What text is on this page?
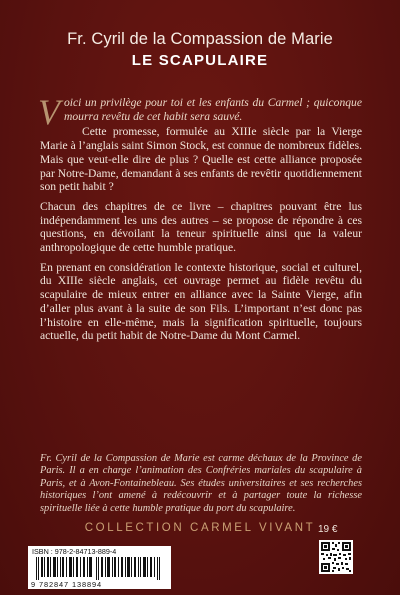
Fr. Cyril de la Compassion de Marie
LE SCAPULAIRE

Voici un privilège pour toi et les enfants du Carmel ; quiconque mourra revêtu de cet habit sera sauvé.

Cette promesse, formulée au XIIIe siècle par la Vierge Marie à l’anglais saint Simon Stock, est connue de nombreux fidèles. Mais que veut-elle dire de plus ? Quelle est cette alliance proposée par Notre-Dame, demandant à ses enfants de revêtir quotidiennement son petit habit ?

Chacun des chapitres de ce livre – chapitres pouvant être lus indépendamment les uns des autres – se propose de répondre à ces questions, en dévoilant la teneur spirituelle ainsi que la valeur anthropologique de cette humble pratique.

En prenant en considération le contexte historique, social et culturel, du XIIIe siècle anglais, cet ouvrage permet au fidèle revêtu du scapulaire de mieux entrer en alliance avec la Sainte Vierge, afin d’aller plus avant à la suite de son Fils. L’important n’est donc pas l’histoire en elle-même, mais la signification spirituelle, toujours actuelle, du petit habit de Notre-Dame du Mont Carmel.

Fr. Cyril de la Compassion de Marie est carme déchaux de la Province de Paris. Il a en charge l’animation des Confréries mariales du scapulaire à Paris, et à Avon-Fontainebleau. Ses études universitaires et ses recherches historiques l’ont amené à redécouvrir et à partager toute la richesse spirituelle liée à cette humble pratique du port du scapulaire.

COLLECTION CARMEL VIVANT
ISBN : 978-2-84713-889-4
9 782847 138894
19 €
